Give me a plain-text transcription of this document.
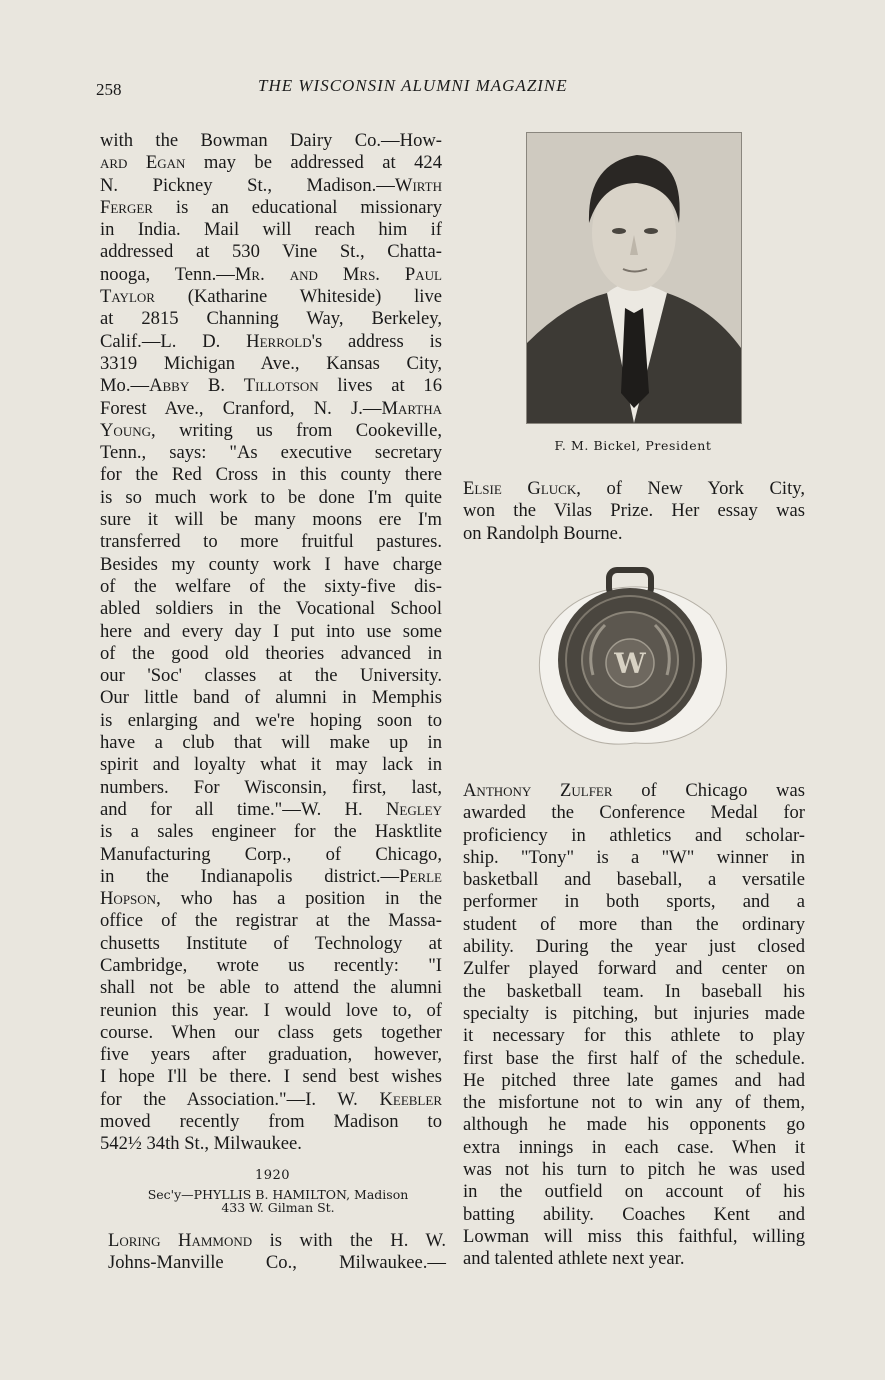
258	THE WISCONSIN ALUMNI MAGAZINE
with the Bowman Dairy Co.—How-
ard Egan may be addressed at 424
N. Pickney St., Madison.—Wirth
Ferger is an educational missionary
in India. Mail will reach him if
addressed at 530 Vine St., Chatta-
nooga, Tenn.—Mr. and Mrs. Paul
Taylor (Katharine Whiteside) live
at 2815 Channing Way, Berkeley,
Calif.—L. D. Herrold's address is
3319 Michigan Ave., Kansas City,
Mo.—Abby B. Tillotson lives at 16
Forest Ave., Cranford, N. J.—Martha
Young, writing us from Cookeville,
Tenn., says: "As executive secretary
for the Red Cross in this county there
is so much work to be done I'm quite
sure it will be many moons ere I'm
transferred to more fruitful pastures.
Besides my county work I have charge
of the welfare of the sixty-five dis-
abled soldiers in the Vocational School
here and every day I put into use some
of the good old theories advanced in
our 'Soc' classes at the University.
Our little band of alumni in Memphis
is enlarging and we're hoping soon to
have a club that will make up in
spirit and loyalty what it may lack in
numbers. For Wisconsin, first, last,
and for all time."—W. H. Negley
is a sales engineer for the Hasktlite
Manufacturing Corp., of Chicago,
in the Indianapolis district.—Perle
Hopson, who has a position in the
office of the registrar at the Massa-
chusetts Institute of Technology at
Cambridge, wrote us recently: "I
shall not be able to attend the alumni
reunion this year. I would love to, of
course. When our class gets together
five years after graduation, however,
I hope I'll be there. I send best wishes
for the Association."—I. W. Keebler
moved recently from Madison to
542½ 34th St., Milwaukee.
1920
Sec'y—PHYLLIS B. HAMILTON, Madison
433 W. Gilman St.
Loring Hammond is with the H. W.
Johns-Manville Co., Milwaukee.—
F. M. Bickel, President
Elsie Gluck, of New York City,
won the Vilas Prize. Her essay was
on Randolph Bourne.
W
Anthony Zulfer of Chicago was
awarded the Conference Medal for
proficiency in athletics and scholar-
ship. "Tony" is a "W" winner in
basketball and baseball, a versatile
performer in both sports, and a
student of more than the ordinary
ability. During the year just closed
Zulfer played forward and center on
the basketball team. In baseball his
specialty is pitching, but injuries made
it necessary for this athlete to play
first base the first half of the schedule.
He pitched three late games and had
the misfortune not to win any of them,
although he made his opponents go
extra innings in each case. When it
was not his turn to pitch he was used
in the outfield on account of his
batting ability. Coaches Kent and
Lowman will miss this faithful, willing
and talented athlete next year.
